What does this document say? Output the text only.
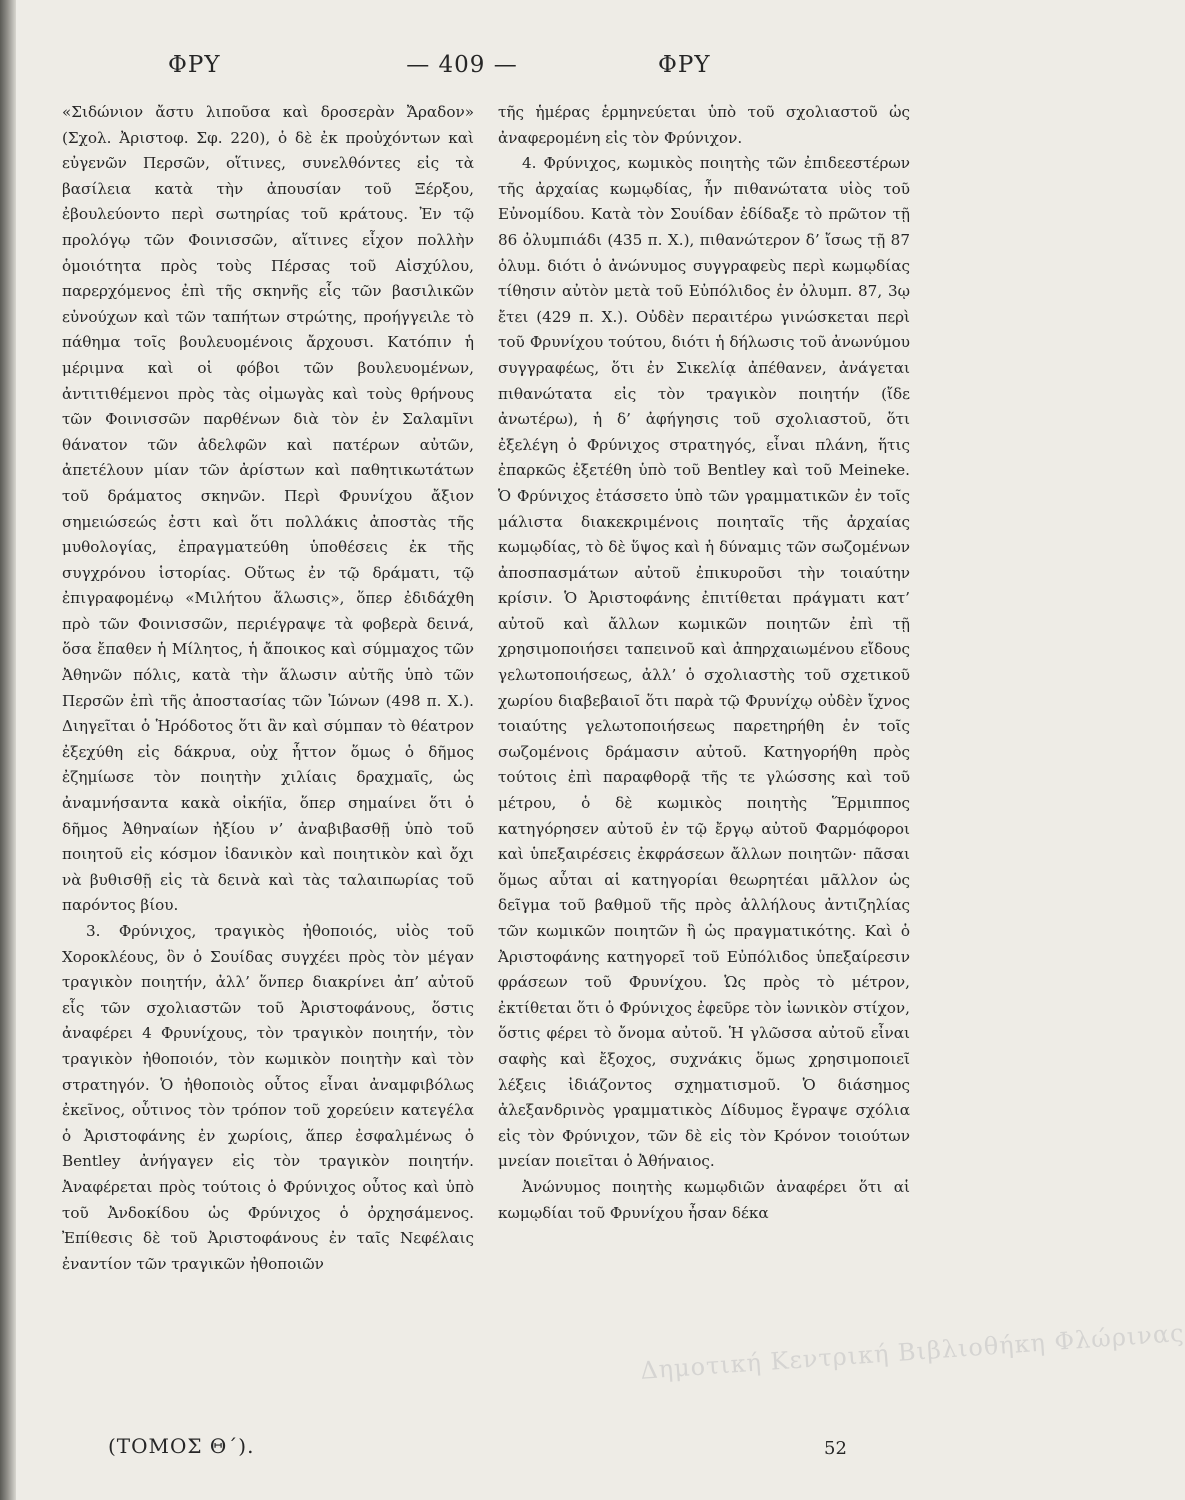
ΦΡΥ	— 409 —	ΦΡΥ

«Σιδώνιον ἄστυ λιποῦσα καὶ δροσερὰν Ἄραδον» (Σχολ. Ἀριστοφ. Σφ. 220), ὁ δὲ ἐκ προὐχόντων καὶ εὐγενῶν Περσῶν, οἵτινες, συνελθόντες εἰς τὰ βασίλεια κατὰ τὴν ἀπουσίαν τοῦ Ξέρξου, ἐβουλεύοντο περὶ σωτηρίας τοῦ κράτους. Ἐν τῷ προλόγῳ τῶν Φοινισσῶν, αἵτινες εἶχον πολλὴν ὁμοιότητα πρὸς τοὺς Πέρσας τοῦ Αἰσχύλου, παρερχόμενος ἐπὶ τῆς σκηνῆς εἷς τῶν βασιλικῶν εὐνούχων καὶ τῶν ταπήτων στρώτης, προήγγειλε τὸ πάθημα τοῖς βουλευομένοις ἄρχουσι. Κατόπιν ἡ μέριμνα καὶ οἱ φόβοι τῶν βουλευομένων, ἀντιτιθέμενοι πρὸς τὰς οἰμωγὰς καὶ τοὺς θρήνους τῶν Φοινισσῶν παρθένων διὰ τὸν ἐν Σαλαμῖνι θάνατον τῶν ἀδελφῶν καὶ πατέρων αὐτῶν, ἀπετέλουν μίαν τῶν ἀρίστων καὶ παθητικωτάτων τοῦ δράματος σκηνῶν. Περὶ Φρυνίχου ἄξιον σημειώσεώς ἐστι καὶ ὅτι πολλάκις ἀποστὰς τῆς μυθολογίας, ἐπραγματεύθη ὑποθέσεις ἐκ τῆς συγχρόνου ἱστορίας. Οὕτως ἐν τῷ δράματι, τῷ ἐπιγραφομένῳ «Μιλήτου ἅλωσις», ὅπερ ἐδιδάχθη πρὸ τῶν Φοινισσῶν, περιέγραψε τὰ φοβερὰ δεινά, ὅσα ἔπαθεν ἡ Μίλητος, ἡ ἄποικος καὶ σύμμαχος τῶν Ἀθηνῶν πόλις, κατὰ τὴν ἅλωσιν αὐτῆς ὑπὸ τῶν Περσῶν ἐπὶ τῆς ἀποστασίας τῶν Ἰώνων (498 π. Χ.). Διηγεῖται ὁ Ἡρόδοτος ὅτι ἂν καὶ σύμπαν τὸ θέατρον ἐξεχύθη εἰς δάκρυα, οὐχ ἧττον ὅμως ὁ δῆμος ἐζημίωσε τὸν ποιητὴν χιλίαις δραχμαῖς, ὡς ἀναμνήσαντα κακὰ οἰκήϊα, ὅπερ σημαίνει ὅτι ὁ δῆμος Ἀθηναίων ἠξίου ν’ ἀναβιβασθῇ ὑπὸ τοῦ ποιητοῦ εἰς κόσμον ἰδανικὸν καὶ ποιητικὸν καὶ ὄχι νὰ βυθισθῇ εἰς τὰ δεινὰ καὶ τὰς ταλαιπωρίας τοῦ παρόντος βίου.

3. Φρύνιχος, τραγικὸς ἠθοποιός, υἱὸς τοῦ Χορoκλέους, ὃν ὁ Σουίδας συγχέει πρὸς τὸν μέγαν τραγικὸν ποιητήν, ἀλλ’ ὅνπερ διακρίνει ἀπ’ αὐτοῦ εἷς τῶν σχολιαστῶν τοῦ Ἀριστοφάνους, ὅστις ἀναφέρει 4 Φρυνίχους, τὸν τραγικὸν ποιητήν, τὸν τραγικὸν ἠθοποιόν, τὸν κωμικὸν ποιητὴν καὶ τὸν στρατηγόν. Ὁ ἠθοποιὸς οὗτος εἶναι ἀναμφιβόλως ἐκεῖνος, οὗτινος τὸν τρόπον τοῦ χορεύειν κατεγέλα ὁ Ἀριστοφάνης ἐν χωρίοις, ἅπερ ἐσφαλμένως ὁ Bentley ἀνήγαγεν εἰς τὸν τραγικὸν ποιητήν. Ἀναφέρεται πρὸς τούτοις ὁ Φρύνιχος οὗτος καὶ ὑπὸ τοῦ Ἀνδοκίδου ὡς Φρύνιχος ὁ ὀρχησάμενος. Ἐπίθεσις δὲ τοῦ Ἀριστοφάνους ἐν ταῖς Νεφέλαις ἐναντίον τῶν τραγικῶν ἠθοποιῶν

τῆς ἡμέρας ἑρμηνεύεται ὑπὸ τοῦ σχολιαστοῦ ὡς ἀναφερομένη εἰς τὸν Φρύνιχον.

4. Φρύνιχος, κωμικὸς ποιητὴς τῶν ἐπιδεεστέρων τῆς ἀρχαίας κωμῳδίας, ἦν πιθανώτατα υἱὸς τοῦ Εὐνομίδου. Κατὰ τὸν Σουίδαν ἐδίδαξε τὸ πρῶτον τῇ 86 ὀλυμπιάδι (435 π. Χ.), πιθανώτερον δ’ ἴσως τῇ 87 ὀλυμ. διότι ὁ ἀνώνυμος συγγραφεὺς περὶ κωμῳδίας τίθησιν αὐτὸν μετὰ τοῦ Εὐπόλιδος ἐν ὀλυμπ. 87, 3ῳ ἔτει (429 π. Χ.). Οὐδὲν περαιτέρω γινώσκεται περὶ τοῦ Φρυνίχου τούτου, διότι ἡ δήλωσις τοῦ ἀνωνύμου συγγραφέως, ὅτι ἐν Σικελίᾳ ἀπέθανεν, ἀνάγεται πιθανώτατα εἰς τὸν τραγικὸν ποιητήν (ἴδε ἀνωτέρω), ἡ δ’ ἀφήγησις τοῦ σχολιαστοῦ, ὅτι ἐξελέγη ὁ Φρύνιχος στρατηγός, εἶναι πλάνη, ἥτις ἐπαρκῶς ἐξετέθη ὑπὸ τοῦ Bentley καὶ τοῦ Meineke. Ὁ Φρύνιχος ἐτάσσετο ὑπὸ τῶν γραμματικῶν ἐν τοῖς μάλιστα διακεκριμένοις ποιηταῖς τῆς ἀρχαίας κωμῳδίας, τὸ δὲ ὕψος καὶ ἡ δύναμις τῶν σωζομένων ἀποσπασμάτων αὐτοῦ ἐπικυροῦσι τὴν τοιαύτην κρίσιν. Ὁ Ἀριστοφάνης ἐπιτίθεται πράγματι κατ’ αὐτοῦ καὶ ἄλλων κωμικῶν ποιητῶν ἐπὶ τῇ χρησιμοποιήσει ταπεινοῦ καὶ ἀπηρχαιωμένου εἴδους γελωτοποιήσεως, ἀλλ’ ὁ σχολιαστὴς τοῦ σχετικοῦ χωρίου διαβεβαιοῖ ὅτι παρὰ τῷ Φρυνίχῳ οὐδὲν ἴχνος τοιαύτης γελωτοποιήσεως παρετηρήθη ἐν τοῖς σωζομένοις δράμασιν αὐτοῦ. Κατηγορήθη πρὸς τούτοις ἐπὶ παραφθορᾷ τῆς τε γλώσσης καὶ τοῦ μέτρου, ὁ δὲ κωμικὸς ποιητὴς Ἕρμιππος κατηγόρησεν αὐτοῦ ἐν τῷ ἔργῳ αὐτοῦ Φαρμόφοροι καὶ ὑπεξαιρέσεις ἐκφράσεων ἄλλων ποιητῶν· πᾶσαι ὅμως αὗται αἱ κατηγορίαι θεωρητέαι μᾶλλον ὡς δεῖγμα τοῦ βαθμοῦ τῆς πρὸς ἀλλήλους ἀντιζηλίας τῶν κωμικῶν ποιητῶν ἢ ὡς πραγματικότης. Καὶ ὁ Ἀριστοφάνης κατηγορεῖ τοῦ Εὐπόλιδος ὑπεξαίρεσιν φράσεων τοῦ Φρυνίχου. Ὡς πρὸς τὸ μέτρον, ἐκτίθεται ὅτι ὁ Φρύνιχος ἐφεῦρε τὸν ἰωνικὸν στίχον, ὅστις φέρει τὸ ὄνομα αὐτοῦ. Ἡ γλῶσσα αὐτοῦ εἶναι σαφὴς καὶ ἔξοχος, συχνάκις ὅμως χρησιμοποιεῖ λέξεις ἰδιάζοντος σχηματισμοῦ. Ὁ διάσημος ἀλεξανδρινὸς γραμματικὸς Δίδυμος ἔγραψε σχόλια εἰς τὸν Φρύνιχον, τῶν δὲ εἰς τὸν Κρόνον τοιούτων μνείαν ποιεῖται ὁ Ἀθήναιος.

Ἀνώνυμος ποιητὴς κωμῳδιῶν ἀναφέρει ὅτι αἱ κωμῳδίαι τοῦ Φρυνίχου ἦσαν δέκα

(ΤΟΜΟΣ Θ΄).	52
Δημοτική Κεντρική Βιβλιοθήκη Φλώρινας
